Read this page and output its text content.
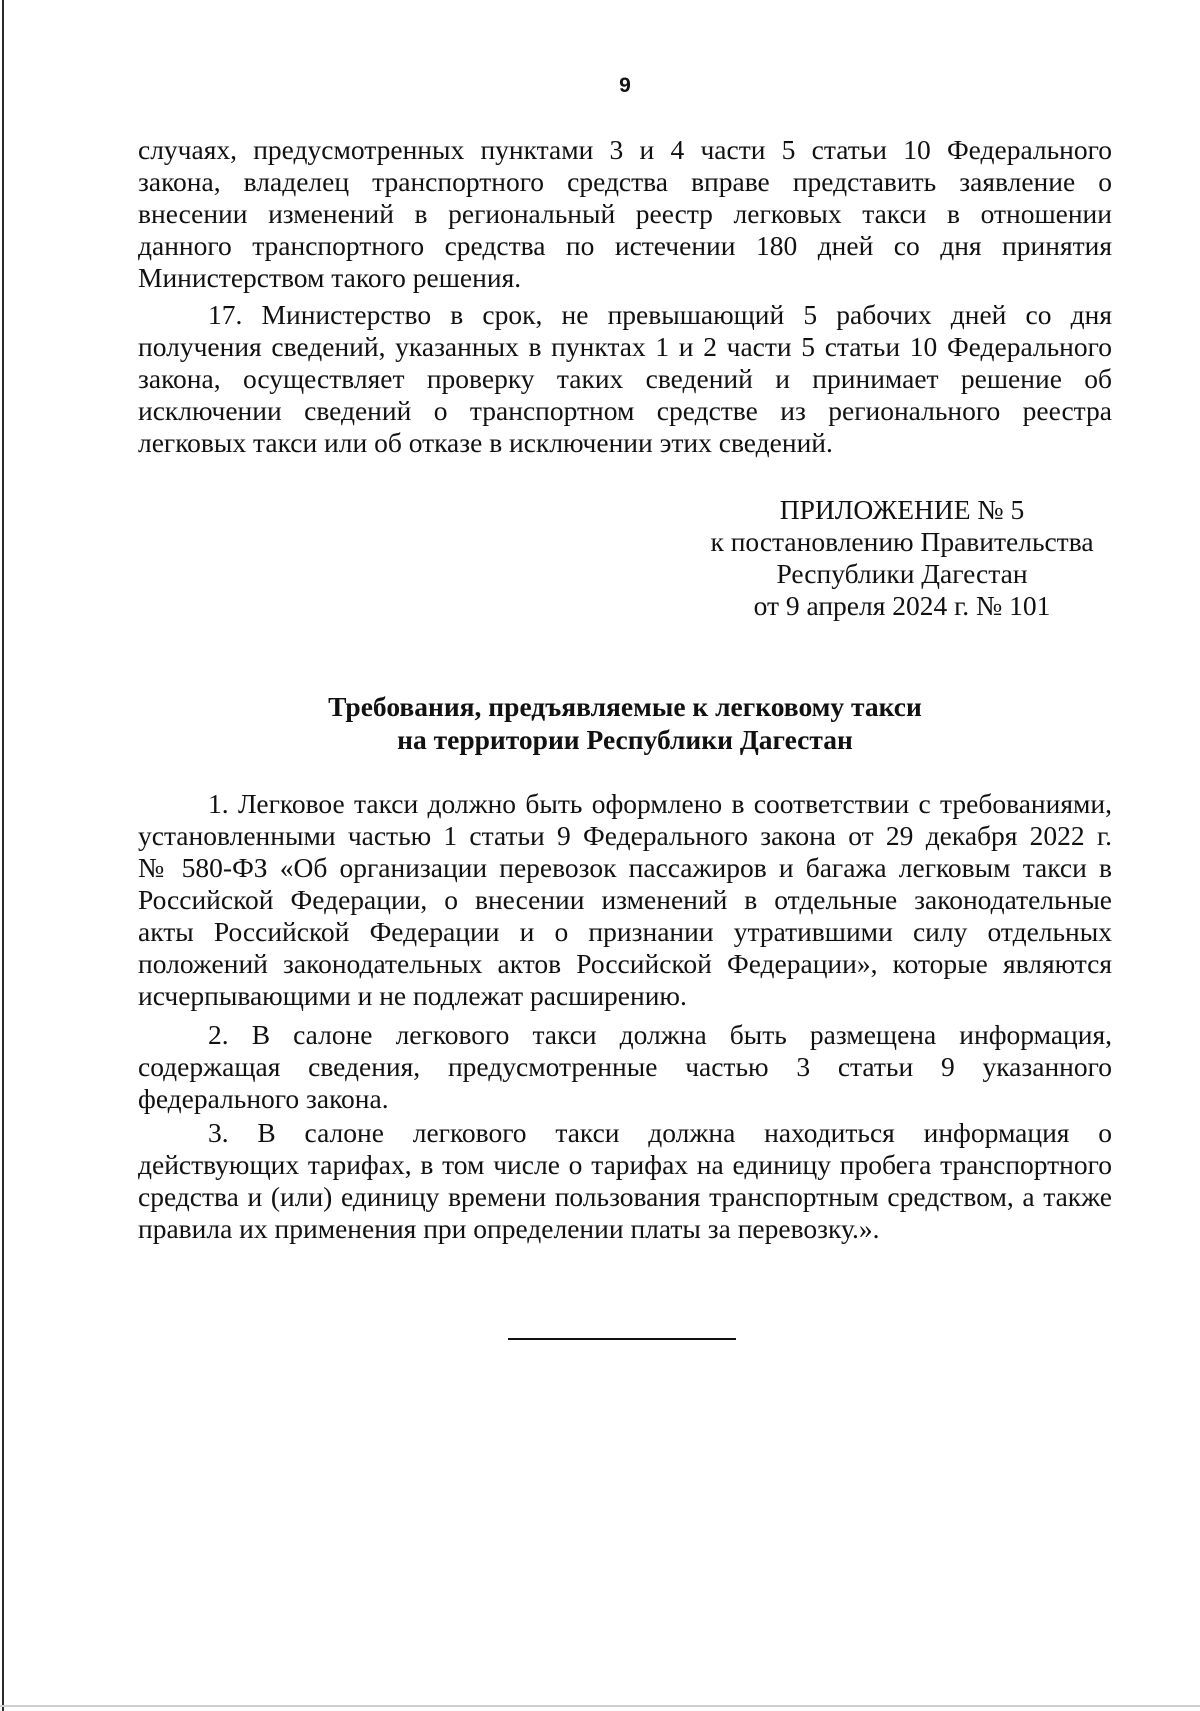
9
случаях, предусмотренных пунктами 3 и 4 части 5 статьи 10 Федерального
закона, владелец транспортного средства вправе представить заявление о
внесении изменений в региональный реестр легковых такси в отношении
данного транспортного средства по истечении 180 дней со дня принятия
Министерством такого решения.
17. Министерство в срок, не превышающий 5 рабочих дней со дня
получения сведений, указанных в пунктах 1 и 2 части 5 статьи 10 Федерального
закона, осуществляет проверку таких сведений и принимает решение об
исключении сведений о транспортном средстве из регионального реестра
легковых такси или об отказе в исключении этих сведений.
ПРИЛОЖЕНИЕ № 5
к постановлению Правительства
Республики Дагестан
от 9 апреля 2024 г. № 101
Требования, предъявляемые к легковому такси
на территории Республики Дагестан
1. Легковое такси должно быть оформлено в соответствии с требованиями,
установленными частью 1 статьи 9 Федерального закона от 29 декабря 2022 г.
№ 580-ФЗ «Об организации перевозок пассажиров и багажа легковым такси в
Российской Федерации, о внесении изменений в отдельные законодательные
акты Российской Федерации и о признании утратившими силу отдельных
положений законодательных актов Российской Федерации», которые являются
исчерпывающими и не подлежат расширению.
2. В салоне легкового такси должна быть размещена информация,
содержащая сведения, предусмотренные частью 3 статьи 9 указанного
федерального закона.
3. В салоне легкового такси должна находиться информация о
действующих тарифах, в том числе о тарифах на единицу пробега транспортного
средства и (или) единицу времени пользования транспортным средством, а также
правила их применения при определении платы за перевозку.».
